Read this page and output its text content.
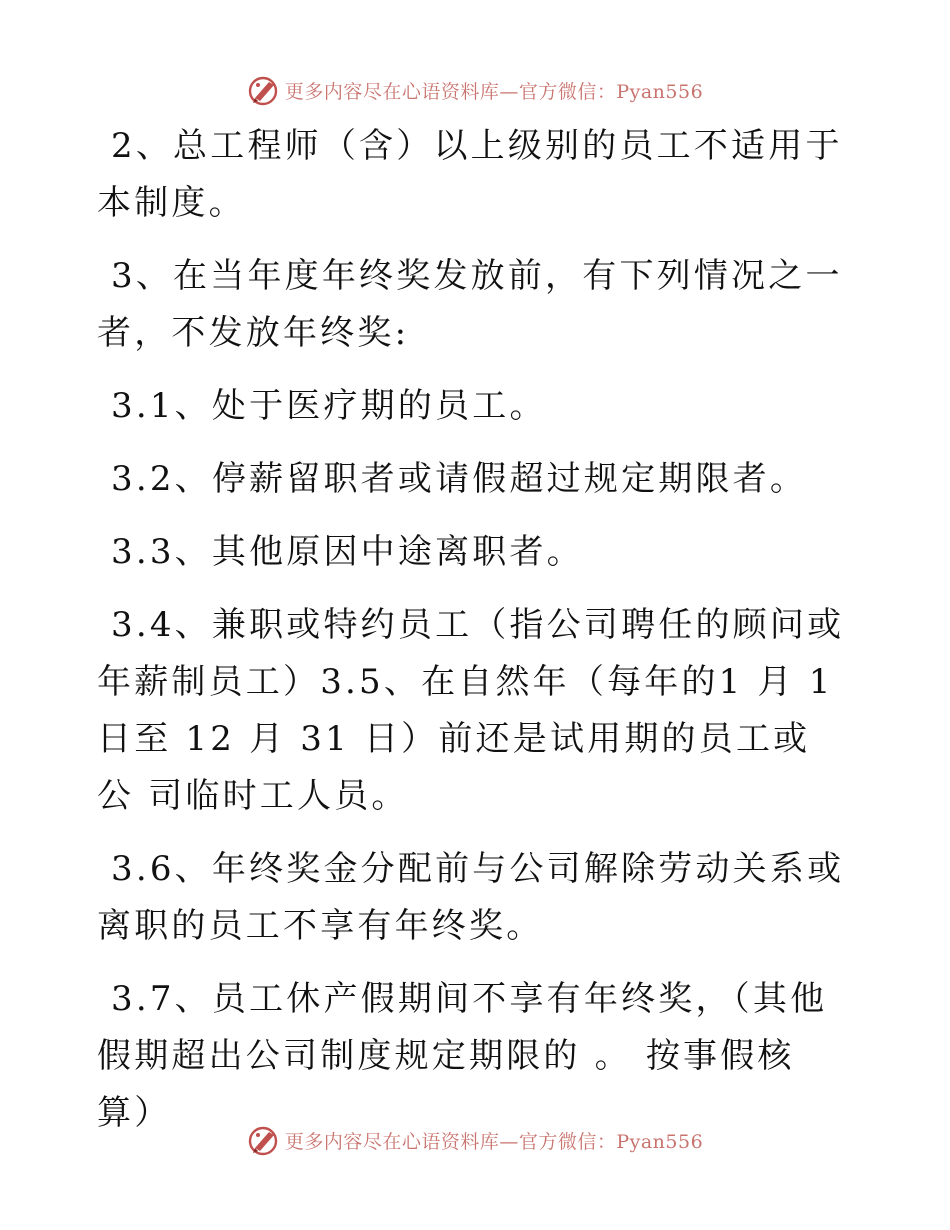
更多内容尽在心语资料库—官方微信：Pyan556

2、总工程师（含）以上级别的员工不适用于本制度。

3、在当年度年终奖发放前，有下列情况之一者，不发放年终奖:

3.1、处于医疗期的员工。

3.2、停薪留职者或请假超过规定期限者。

3.3、其他原因中途离职者。

3.4、兼职或特约员工（指公司聘任的顾问或年薪制员工）3.5、在自然年（每年的1 月 1 日至 12 月 31 日）前还是试用期的员工或公 司临时工人员。

3.6、年终奖金分配前与公司解除劳动关系或离职的员工不享有年终奖。

3.7、员工休产假期间不享有年终奖，（其他假期超出公司制度规定期限的 。 按事假核算）

更多内容尽在心语资料库—官方微信：Pyan556
